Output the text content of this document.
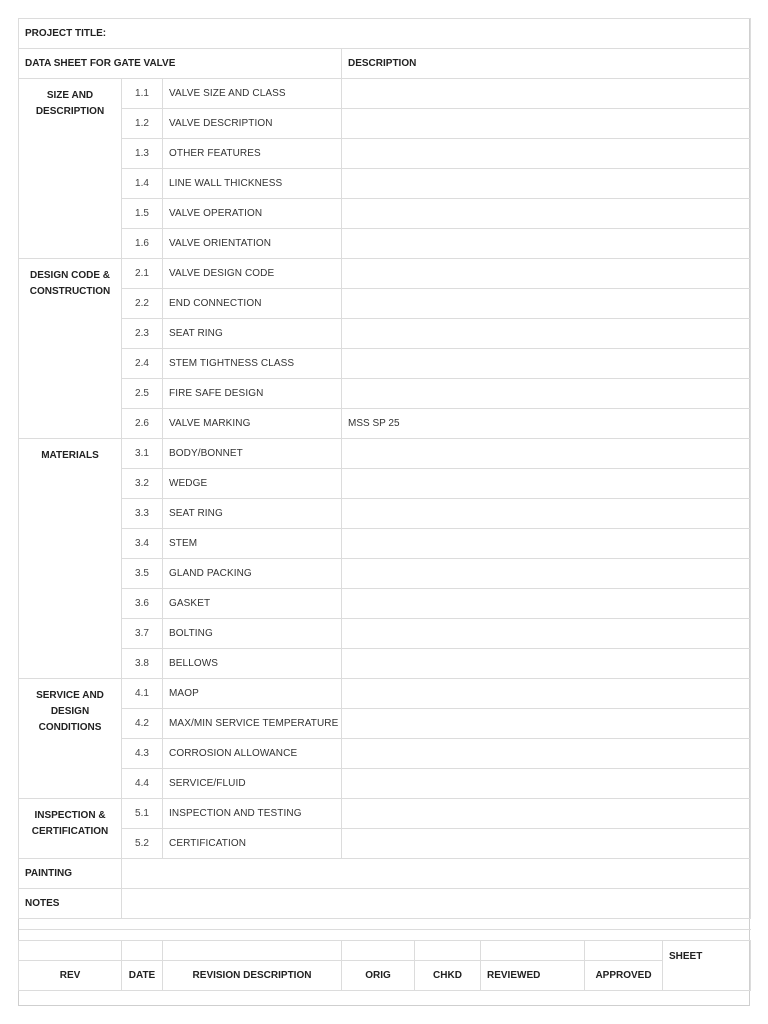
PROJECT TITLE:			
DATA SHEET FOR GATE VALVE			DESCRIPTION
SIZE AND DESCRIPTION	1.1	VALVE SIZE AND CLASS	
	1.2	VALVE DESCRIPTION	
	1.3	OTHER FEATURES	
	1.4	LINE WALL THICKNESS	
	1.5	VALVE OPERATION	
	1.6	VALVE ORIENTATION	
DESIGN CODE & CONSTRUCTION	2.1	VALVE DESIGN CODE	
	2.2	END CONNECTION	
	2.3	SEAT RING	
	2.4	STEM TIGHTNESS CLASS	
	2.5	FIRE SAFE DESIGN	
	2.6	VALVE MARKING	MSS SP 25
MATERIALS	3.1	BODY/BONNET	
	3.2	WEDGE	
	3.3	SEAT RING	
	3.4	STEM	
	3.5	GLAND PACKING	
	3.6	GASKET	
	3.7	BOLTING	
	3.8	BELLOWS	
SERVICE AND DESIGN CONDITIONS	4.1	MAOP	
	4.2	MAX/MIN SERVICE TEMPERATURE	
	4.3	CORROSION ALLOWANCE	
	4.4	SERVICE/FLUID	
INSPECTION & CERTIFICATION	5.1	INSPECTION AND TESTING	
	5.2	CERTIFICATION	
PAINTING			
NOTES			

							SHEET
REV	DATE	REVISION DESCRIPTION	ORIG	CHKD	REVIEWED	APPROVED	
